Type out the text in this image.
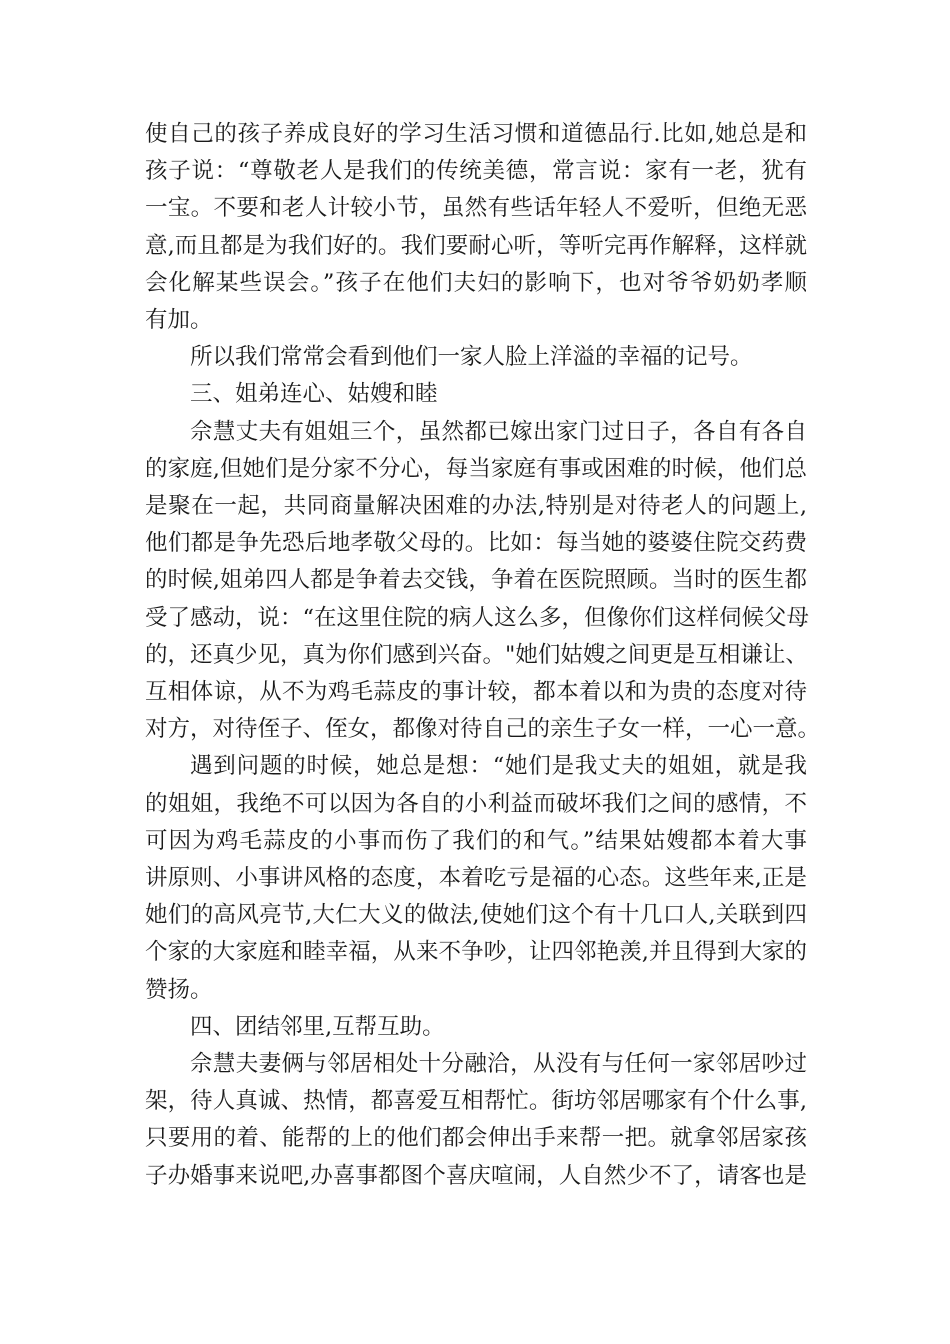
使自己的孩子养成良好的学习生活习惯和道德品行.比如,她总是和
孩子说：“尊敬老人是我们的传统美德，常言说：家有一老，犹有
一宝。不要和老人计较小节，虽然有些话年轻人不爱听，但绝无恶
意,而且都是为我们好的。我们要耐心听，等听完再作解释，这样就
会化解某些误会。”孩子在他们夫妇的影响下，也对爷爷奶奶孝顺
有加。
所以我们常常会看到他们一家人脸上洋溢的幸福的记号。
三、姐弟连心、姑嫂和睦
佘慧丈夫有姐姐三个，虽然都已嫁出家门过日子，各自有各自
的家庭,但她们是分家不分心，每当家庭有事或困难的时候，他们总
是聚在一起，共同商量解决困难的办法,特别是对待老人的问题上,
他们都是争先恐后地孝敬父母的。比如：每当她的婆婆住院交药费
的时候,姐弟四人都是争着去交钱，争着在医院照顾。当时的医生都
受了感动，说：“在这里住院的病人这么多，但像你们这样伺候父母
的，还真少见，真为你们感到兴奋。"她们姑嫂之间更是互相谦让、
互相体谅，从不为鸡毛蒜皮的事计较，都本着以和为贵的态度对待
对方，对待侄子、侄女，都像对待自己的亲生子女一样，一心一意。
遇到问题的时候，她总是想：“她们是我丈夫的姐姐，就是我
的姐姐，我绝不可以因为各自的小利益而破坏我们之间的感情，不
可因为鸡毛蒜皮的小事而伤了我们的和气。”结果姑嫂都本着大事
讲原则、小事讲风格的态度，本着吃亏是福的心态。这些年来,正是
她们的高风亮节,大仁大义的做法,使她们这个有十几口人,关联到四
个家的大家庭和睦幸福，从来不争吵，让四邻艳羡,并且得到大家的
赞扬。
四、团结邻里,互帮互助。
佘慧夫妻俩与邻居相处十分融洽，从没有与任何一家邻居吵过
架，待人真诚、热情，都喜爱互相帮忙。街坊邻居哪家有个什么事,
只要用的着、能帮的上的他们都会伸出手来帮一把。就拿邻居家孩
子办婚事来说吧,办喜事都图个喜庆喧闹，人自然少不了，请客也是
